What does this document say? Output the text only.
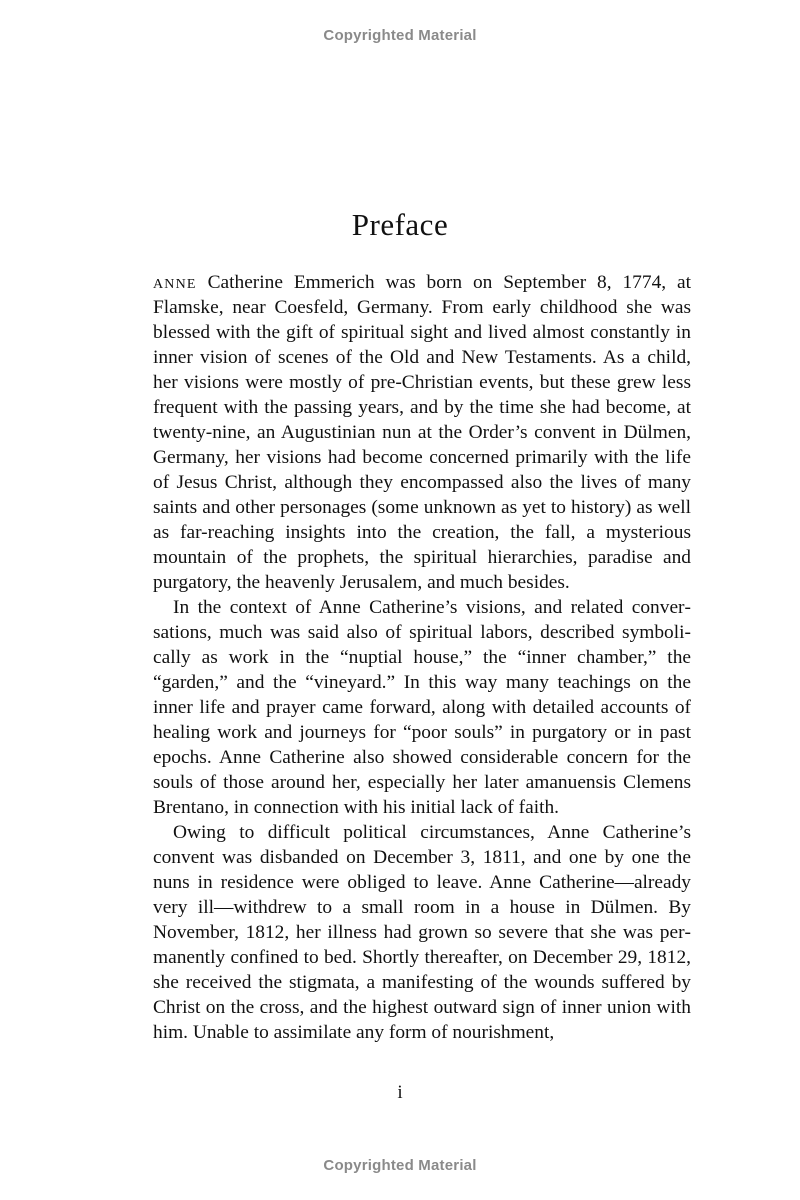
Copyrighted Material
Preface

anne Catherine Emmerich was born on September 8, 1774, at Flamske, near Coesfeld, Germany. From early childhood she was blessed with the gift of spiritual sight and lived almost constantly in inner vision of scenes of the Old and New Testaments. As a child, her visions were mostly of pre-Christian events, but these grew less frequent with the passing years, and by the time she had become, at twenty-nine, an Augustinian nun at the Order’s convent in Dülmen, Germany, her visions had become concerned primarily with the life of Jesus Christ, although they encompassed also the lives of many saints and other personages (some unknown as yet to history) as well as far-reaching insights into the creation, the fall, a mysterious mountain of the prophets, the spiritual hierarchies, paradise and purgatory, the heavenly Jerusalem, and much besides.

In the context of Anne Catherine’s visions, and related conversations, much was said also of spiritual labors, described symbolically as work in the “nuptial house,” the “inner chamber,” the “garden,” and the “vineyard.” In this way many teachings on the inner life and prayer came forward, along with detailed accounts of healing work and journeys for “poor souls” in purgatory or in past epochs. Anne Catherine also showed considerable concern for the souls of those around her, especially her later amanuensis Clemens Brentano, in connection with his initial lack of faith.

Owing to difficult political circumstances, Anne Catherine’s convent was disbanded on December 3, 1811, and one by one the nuns in residence were obliged to leave. Anne Catherine—already very ill—withdrew to a small room in a house in Dülmen. By November, 1812, her illness had grown so severe that she was permanently confined to bed. Shortly thereafter, on December 29, 1812, she received the stigmata, a manifesting of the wounds suffered by Christ on the cross, and the highest outward sign of inner union with him. Unable to assimilate any form of nourishment,

i
Copyrighted Material
